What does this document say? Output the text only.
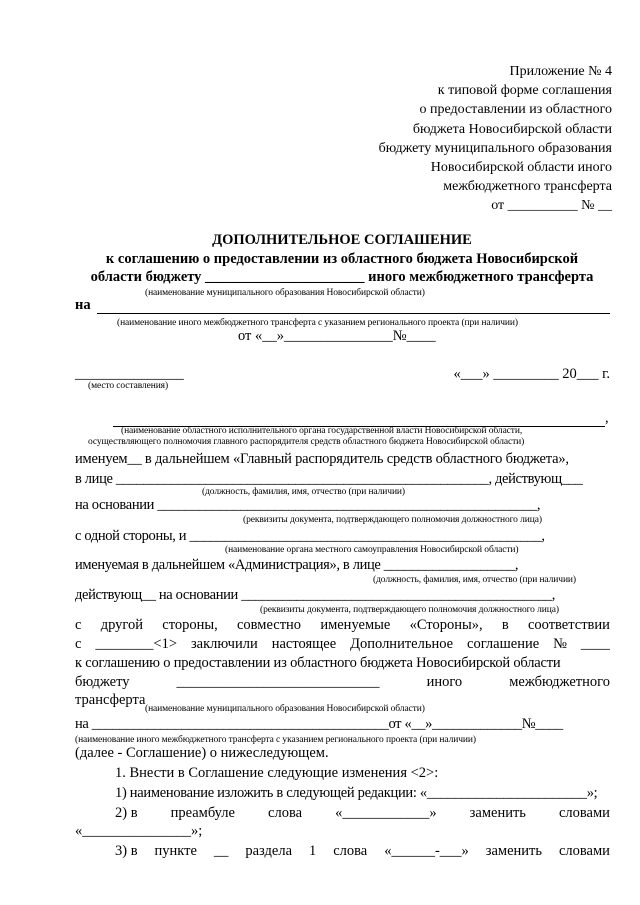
Приложение № 4
к типовой форме соглашения
о предоставлении из областного
бюджета Новосибирской области
бюджету муниципального образования
Новосибирской области иного
межбюджетного трансферта
от __________ № __
ДОПОЛНИТЕЛЬНОЕ СОГЛАШЕНИЕ
к соглашению о предоставлении из областного бюджета Новосибирской
области бюджету ______________________ иного межбюджетного трансферта
(наименование муниципального образования Новосибирской области)
на
(наименование иного межбюджетного трансферта с указанием регионального проекта (при наличии)
от «__»_______________№____
_______________
(место составления)
«___» _________ 20___ г.
,
(наименование областного исполнительного органа государственной власти Новосибирской области,
осуществляющего полномочия главного распорядителя средств областного бюджета Новосибирской области)
именуем__ в дальнейшем «Главный распорядитель средств областного бюджета»,
в лице ______________________________________________________, действующ___
(должность, фамилия, имя, отчество (при наличии)
на основании _______________________________________________________,
(реквизиты документа, подтверждающего полномочия должностного лица)
с одной стороны, и ___________________________________________________,
(наименование органа местного самоуправления Новосибирской области)
именуемая в дальнейшем «Администрация», в лице ___________________,
(должность, фамилия, имя, отчество (при наличии)
действующ__ на основании _____________________________________________,
(реквизиты документа, подтверждающего полномочия должностного лица)
с другой стороны, совместно именуемые «Стороны», в соответствии
с ________<1> заключили настоящее Дополнительное соглашение № ____
к соглашению о предоставлении из областного бюджета Новосибирской области
бюджету	____________________________	иного	межбюджетного
трансферта
(наименование муниципального образования Новосибирской области)
на ___________________________________________от «__»_____________№____
(наименование иного межбюджетного трансферта с указанием регионального проекта (при наличии)
(далее - Соглашение) о нижеследующем.
1. Внести в Соглашение следующие изменения <2>:
1) наименование изложить в следующей редакции: «_______________________»;
2) в преамбуле слова «____________» заменить словами
«_______________»;
3) в пункте __ раздела 1 слова «______-___» заменить словами
